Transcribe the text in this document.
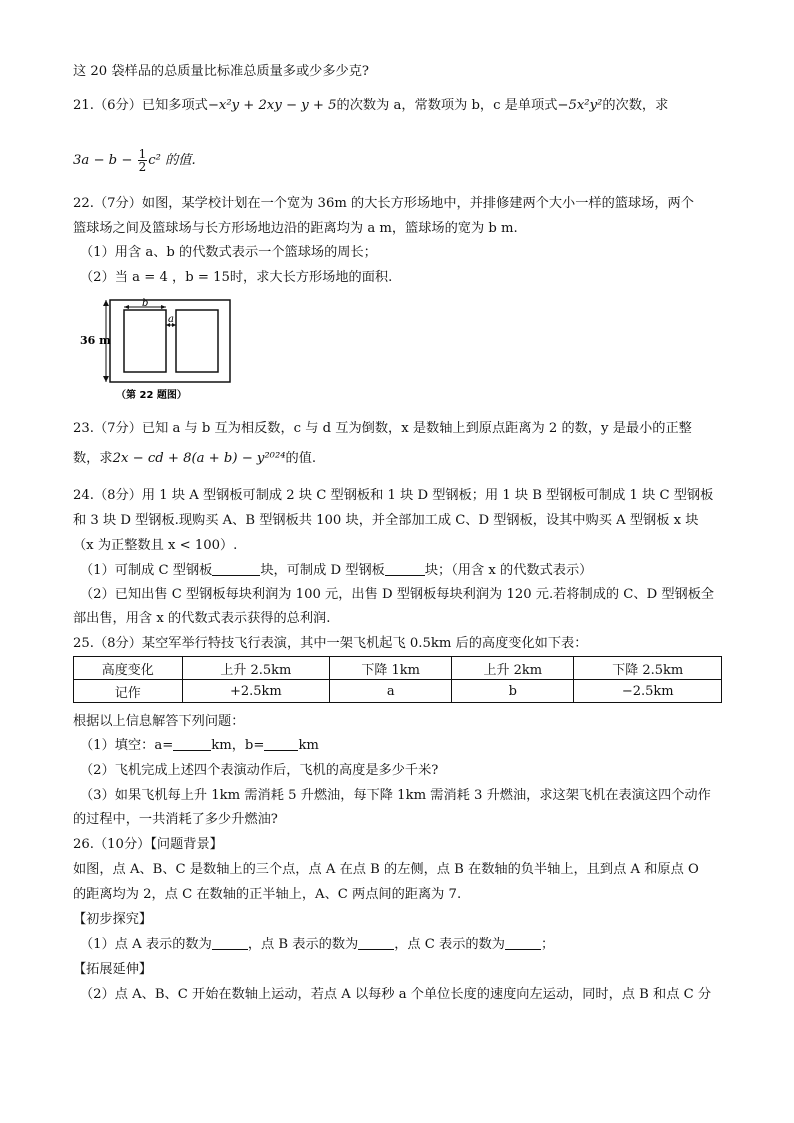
这 20 袋样品的总质量比标准总质量多或少多少克?
21.（6分）已知多项式−x²y + 2xy − y + 5的次数为 a，常数项为 b，c 是单项式−5x²y²的次数，求
$3a - b - \frac{1}{2} c^2$ 的值.
22.（7分）如图，某学校计划在一个宽为 36m 的大长方形场地中，并排修建两个大小一样的篮球场，两个
篮球场之间及篮球场与长方形场地边沿的距离均为 a m，篮球场的宽为 b m.
（1）用含 a、b 的代数式表示一个篮球场的周长；
（2）当 a = 4 ，b = 15时，求大长方形场地的面积.
b
a
36 m
（第 22 题图）
23.（7分）已知 a 与 b 互为相反数，c 与 d 互为倒数，x 是数轴上到原点距离为 2 的数，y 是最小的正整
数，求2x − cd + 8(a + b) − y²⁰²⁴的值.
24.（8分）用 1 块 A 型钢板可制成 2 块 C 型钢板和 1 块 D 型钢板；用 1 块 B 型钢板可制成 1 块 C 型钢板
和 3 块 D 型钢板.现购买 A、B 型钢板共 100 块，并全部加工成 C、D 型钢板，设其中购买 A 型钢板 x 块
（x 为正整数且 x < 100）.
（1）可制成 C 型钢板	块，可制成 D 型钢板	块；（用含 x 的代数式表示）
（2）已知出售 C 型钢板每块利润为 100 元，出售 D 型钢板每块利润为 120 元.若将制成的 C、D 型钢板全
部出售，用含 x 的代数式表示获得的总利润.
25.（8分）某空军举行特技飞行表演，其中一架飞机起飞 0.5km 后的高度变化如下表：
高度变化	上升 2.5km	下降 1km	上升 2km	下降 2.5km
记作	+2.5km	a	b	−2.5km
根据以上信息解答下列问题：
（1）填空：a=	km，b=	km
（2）飞机完成上述四个表演动作后，飞机的高度是多少千米?
（3）如果飞机每上升 1km 需消耗 5 升燃油，每下降 1km 需消耗 3 升燃油，求这架飞机在表演这四个动作
的过程中，一共消耗了多少升燃油?
26.（10分）【问题背景】
如图，点 A、B、C 是数轴上的三个点，点 A 在点 B 的左侧，点 B 在数轴的负半轴上，且到点 A 和原点 O
的距离均为 2，点 C 在数轴的正半轴上，A、C 两点间的距离为 7.
【初步探究】
（1）点 A 表示的数为	，点 B 表示的数为	，点 C 表示的数为	；
【拓展延伸】
（2）点 A、B、C 开始在数轴上运动，若点 A 以每秒 a 个单位长度的速度向左运动，同时，点 B 和点 C 分
